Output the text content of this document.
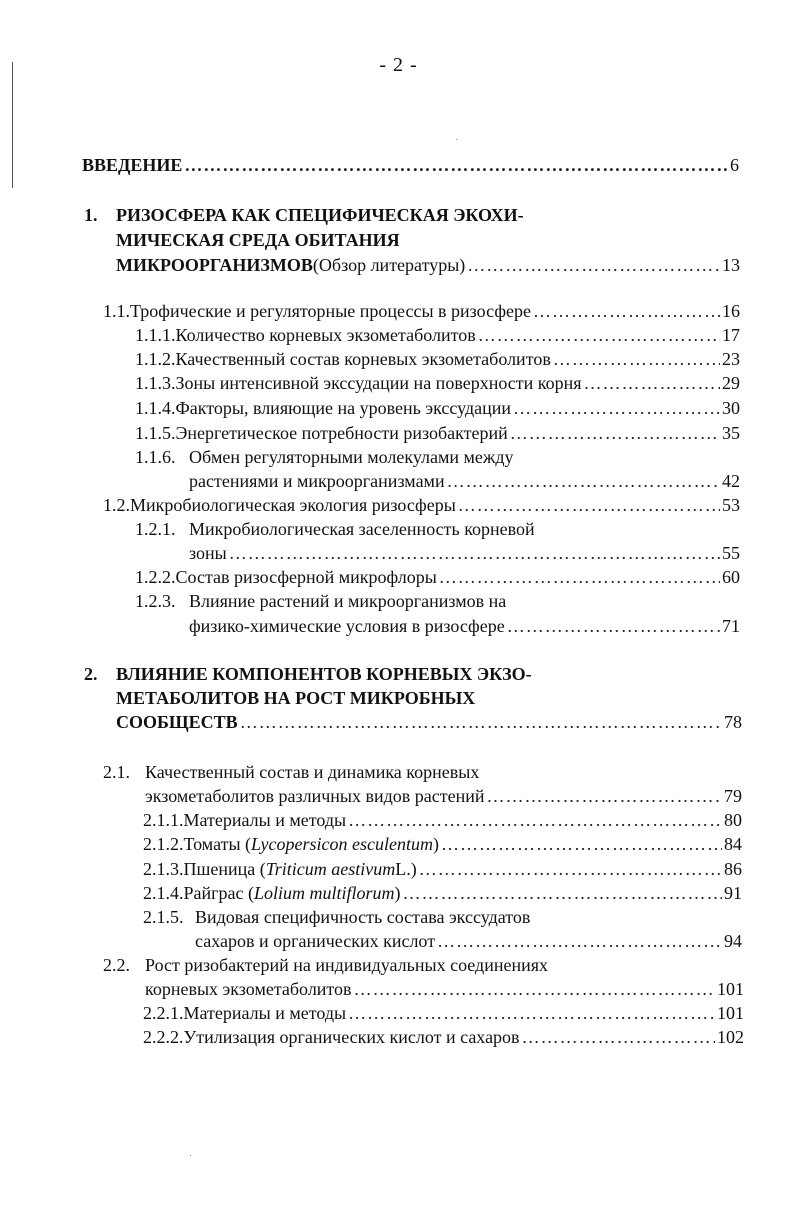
- 2 -
ВВЕДЕНИЕ ………………………………………………………………………………………………………………………………………………………………	6
1. РИЗОСФЕРА КАК СПЕЦИФИЧЕСКАЯ ЭКОХИ-
МИЧЕСКАЯ СРЕДА ОБИТАНИЯ
МИКРООРГАНИЗМОВ (Обзор литературы) ………………………………………………………………………………………………………………………………………………………………	13
1.1. Трофические и регуляторные процессы в ризосфере ………………………………………………………………………………………………………………………………………………………………	16
1.1.1. Количество корневых экзометаболитов ………………………………………………………………………………………………………………………………………………………………	17
1.1.2. Качественный состав корневых экзометаболитов ………………………………………………………………………………………………………………………………………………………………	23
1.1.3. Зоны интенсивной экссудации на поверхности корня ………………………………………………………………………………………………………………………………………………………………	29
1.1.4. Факторы, влияющие на уровень экссудации ………………………………………………………………………………………………………………………………………………………………	30
1.1.5. Энергетическое потребности ризобактерий ………………………………………………………………………………………………………………………………………………………………	35
1.1.6. Обмен регуляторными молекулами между
растениями и микроорганизмами ………………………………………………………………………………………………………………………………………………………………	42
1.2. Микробиологическая экология ризосферы ………………………………………………………………………………………………………………………………………………………………	53
1.2.1. Микробиологическая заселенность корневой
зоны ………………………………………………………………………………………………………………………………………………………………	55
1.2.2. Состав ризосферной микрофлоры ………………………………………………………………………………………………………………………………………………………………	60
1.2.3. Влияние растений и микроорганизмов на
физико-химические условия в ризосфере ………………………………………………………………………………………………………………………………………………………………	71
2. ВЛИЯНИЕ КОМПОНЕНТОВ КОРНЕВЫХ ЭКЗО-
МЕТАБОЛИТОВ НА РОСТ МИКРОБНЫХ
СООБЩЕСТВ ………………………………………………………………………………………………………………………………………………………………	78
2.1. Качественный состав и динамика корневых
экзометаболитов различных видов растений ………………………………………………………………………………………………………………………………………………………………	79
2.1.1. Материалы и методы ………………………………………………………………………………………………………………………………………………………………	80
2.1.2. Томаты ( Lycopersicon esculentum ) ………………………………………………………………………………………………………………………………………………………………	84
2.1.3. Пшеница ( Triticum aestivum L.) ………………………………………………………………………………………………………………………………………………………………	86
2.1.4. Райграс ( Lolium multiflorum ) ………………………………………………………………………………………………………………………………………………………………	91
2.1.5. Видовая специфичность состава экссудатов
сахаров и органических кислот ………………………………………………………………………………………………………………………………………………………………	94
2.2. Рост ризобактерий на индивидуальных соединениях
корневых экзометаболитов ………………………………………………………………………………………………………………………………………………………………	101
2.2.1. Материалы и методы ………………………………………………………………………………………………………………………………………………………………	101
2.2.2. Утилизация органических кислот и сахаров ………………………………………………………………………………………………………………………………………………………………	102
